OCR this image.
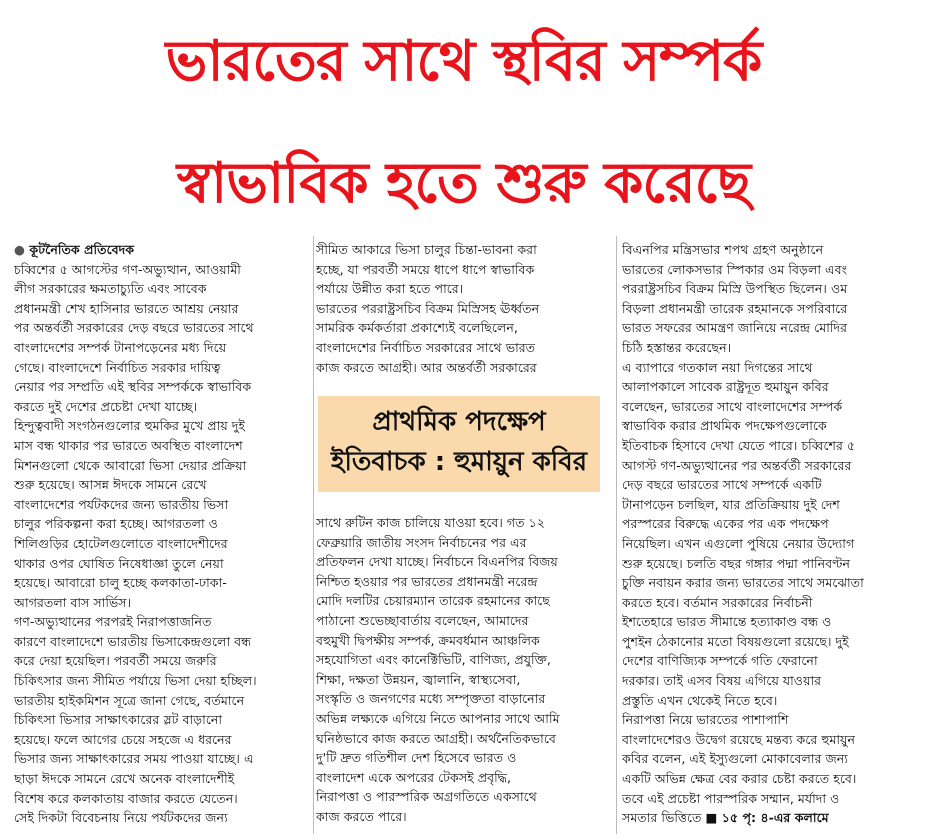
ভারতের সাথে স্থবির সম্পর্ক
স্বাভাবিক হতে শুরু করেছে
● কূটনৈতিক প্রতিবেদক
চব্বিশের ৫ আগস্টের গণ-অভ্যুত্থান, আওয়ামী
লীগ সরকারের ক্ষমতাচ্যুতি এবং সাবেক
প্রধানমন্ত্রী শেখ হাসিনার ভারতে আশ্রয় নেয়ার
পর অন্তর্বর্তী সরকারের দেড় বছরে ভারতের সাথে
বাংলাদেশের সম্পর্ক টানাপড়েনের মধ্য দিয়ে
গেছে। বাংলাদেশে নির্বাচিত সরকার দায়িত্ব
নেয়ার পর সম্প্রতি এই স্থবির সম্পর্ককে স্বাভাবিক
করতে দুই দেশের প্রচেষ্টা দেখা যাচ্ছে।
হিন্দুত্ববাদী সংগঠনগুলোর হুমকির মুখে প্রায় দুই
মাস বন্ধ থাকার পর ভারতে অবস্থিত বাংলাদেশ
মিশনগুলো থেকে আবারো ভিসা দেয়ার প্রক্রিয়া
শুরু হয়েছে। আসন্ন ঈদকে সামনে রেখে
বাংলাদেশের পর্যটকদের জন্য ভারতীয় ভিসা
চালুর পরিকল্পনা করা হচ্ছে। আগরতলা ও
শিলিগুড়ির হোটেলগুলোতে বাংলাদেশীদের
থাকার ওপর ঘোষিত নিষেধাজ্ঞা তুলে নেয়া
হয়েছে। আবারো চালু হচ্ছে কলকাতা-ঢাকা-
আগরতলা বাস সার্ভিস।
গণ-অভ্যুত্থানের পরপরই নিরাপত্তাজনিত
কারণে বাংলাদেশে ভারতীয় ভিসাকেন্দ্রগুলো বন্ধ
করে দেয়া হয়েছিল। পরবর্তী সময়ে জরুরি
চিকিৎসার জন্য সীমিত পর্যায়ে ভিসা দেয়া হচ্ছিল।
ভারতীয় হাইকমিশন সূত্রে জানা গেছে, বর্তমানে
চিকিৎসা ভিসার সাক্ষাৎকারের স্লট বাড়ানো
হয়েছে। ফলে আগের চেয়ে সহজে এ ধরনের
ভিসার জন্য সাক্ষাৎকারের সময় পাওয়া যাচ্ছে। এ
ছাড়া ঈদকে সামনে রেখে অনেক বাংলাদেশীই
বিশেষ করে কলকাতায় বাজার করতে যেতেন।
সেই দিকটা বিবেচনায় নিয়ে পর্যটকদের জন্য
সীমিত আকারে ভিসা চালুর চিন্তা-ভাবনা করা
হচ্ছে, যা পরবর্তী সময়ে ধাপে ধাপে স্বাভাবিক
পর্যায়ে উন্নীত করা হতে পারে।
ভারতের পররাষ্ট্রসচিব বিক্রম মিস্রিসহ ঊর্ধ্বতন
সামরিক কর্মকর্তারা প্রকাশ্যেই বলেছিলেন,
বাংলাদেশের নির্বাচিত সরকারের সাথে ভারত
কাজ করতে আগ্রহী। আর অন্তর্বর্তী সরকারের
প্রাথমিক পদক্ষেপ
ইতিবাচক : হুমায়ুন কবির
সাথে রুটিন কাজ চালিয়ে যাওয়া হবে। গত ১২
ফেব্রুয়ারি জাতীয় সংসদ নির্বাচনের পর এর
প্রতিফলন দেখা যাচ্ছে। নির্বাচনে বিএনপির বিজয়
নিশ্চিত হওয়ার পর ভারতের প্রধানমন্ত্রী নরেন্দ্র
মোদি দলটির চেয়ারম্যান তারেক রহমানের কাছে
পাঠানো শুভেচ্ছাবার্তায় বলেছেন, আমাদের
বহুমুখী দ্বিপক্ষীয় সম্পর্ক, ক্রমবর্ধমান আঞ্চলিক
সহযোগিতা এবং কানেক্টিভিটি, বাণিজ্য, প্রযুক্তি,
শিক্ষা, দক্ষতা উন্নয়ন, জ্বালানি, স্বাস্থ্যসেবা,
সংস্কৃতি ও জনগণের মধ্যে সম্পৃক্ততা বাড়ানোর
অভিন্ন লক্ষ্যকে এগিয়ে নিতে আপনার সাথে আমি
ঘনিষ্ঠভাবে কাজ করতে আগ্রহী। অর্থনৈতিকভাবে
দু'টি দ্রুত গতিশীল দেশ হিসেবে ভারত ও
বাংলাদেশ একে অপরের টেকসই প্রবৃদ্ধি,
নিরাপত্তা ও পারস্পরিক অগ্রগতিতে একসাথে
কাজ করতে পারে।
বিএনপির মন্ত্রিসভার শপথ গ্রহণ অনুষ্ঠানে
ভারতের লোকসভার স্পিকার ওম বিড়লা এবং
পররাষ্ট্রসচিব বিক্রম মিস্রি উপস্থিত ছিলেন। ওম
বিড়লা প্রধানমন্ত্রী তারেক রহমানকে সপরিবারে
ভারত সফরের আমন্ত্রণ জানিয়ে নরেন্দ্র মোদির
চিঠি হস্তান্তর করেছেন।
এ ব্যাপারে গতকাল নয়া দিগন্তের সাথে
আলাপকালে সাবেক রাষ্ট্রদূত হুমায়ুন কবির
বলেছেন, ভারতের সাথে বাংলাদেশের সম্পর্ক
স্বাভাবিক করার প্রাথমিক পদক্ষেপগুলোকে
ইতিবাচক হিসাবে দেখা যেতে পারে। চব্বিশের ৫
আগস্ট গণ-অভ্যুত্থানের পর অন্তর্বর্তী সরকারের
দেড় বছরে ভারতের সাথে সম্পর্কে একটি
টানাপড়েন চলছিল, যার প্রতিক্রিয়ায় দুই দেশ
পরস্পরের বিরুদ্ধে একের পর এক পদক্ষেপ
নিয়েছিল। এখন এগুলো পুষিয়ে নেয়ার উদ্যোগ
শুরু হয়েছে। চলতি বছর গঙ্গার পদ্মা পানিবণ্টন
চুক্তি নবায়ন করার জন্য ভারতের সাথে সমঝোতা
করতে হবে। বর্তমান সরকারের নির্বাচনী
ইশতেহারে ভারত সীমান্তে হত্যাকাণ্ড বন্ধ ও
পুশইন ঠেকানোর মতো বিষয়গুলো রয়েছে। দুই
দেশের বাণিজ্যিক সম্পর্কে গতি ফেরানো
দরকার। তাই এসব বিষয় এগিয়ে যাওয়ার
প্রস্তুতি এখন থেকেই নিতে হবে।
নিরাপত্তা নিয়ে ভারতের পাশাপাশি
বাংলাদেশেরও উদ্বেগ রয়েছে মন্তব্য করে হুমায়ুন
কবির বলেন, এই ইস্যুগুলো মোকাবেলার জন্য
একটি অভিন্ন ক্ষেত্র বের করার চেষ্টা করতে হবে।
তবে এই প্রচেষ্টা পারস্পরিক সম্মান, মর্যাদা ও
সমতার ভিত্তিতে ■ ১৫ পৃ: ৪-এর কলামে
